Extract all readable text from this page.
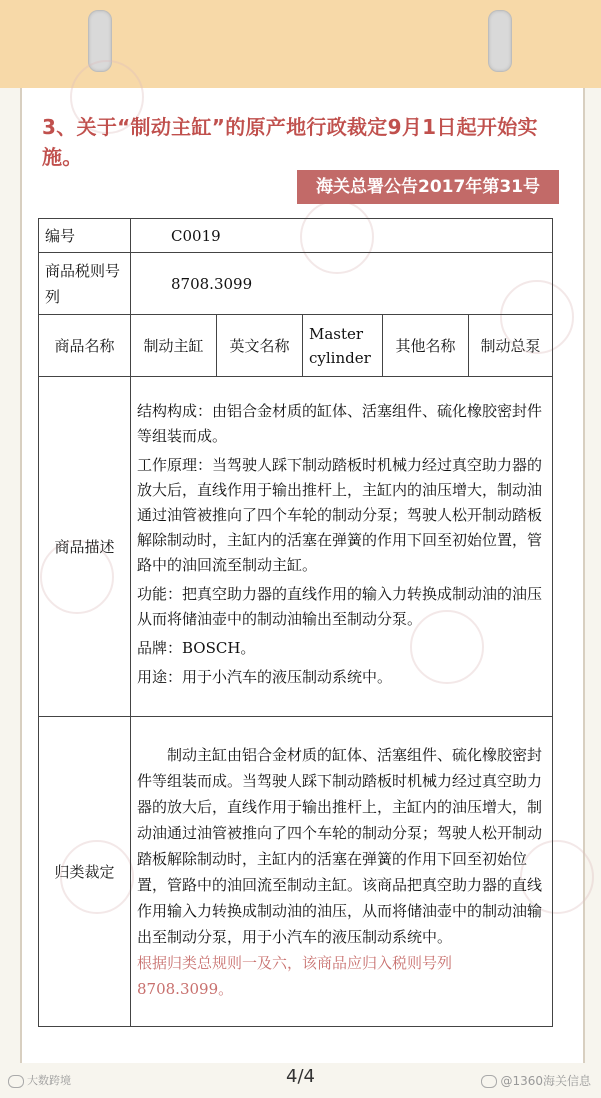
3、关于“制动主缸”的原产地行政裁定9月1日起开始实施。
海关总署公告2017年第31号
编号	C0019				
商品税则号列	8708.3099				
商品名称	制动主缸	英文名称	Master cylinder	其他名称	制动总泵
商品描述	结构构成：由铝合金材质的缸体、活塞组件、硫化橡胶密封件等组装而成。

工作原理：当驾驶人踩下制动踏板时机械力经过真空助力器的放大后，直线作用于输出推杆上，主缸内的油压增大，制动油通过油管被推向了四个车轮的制动分泵；驾驶人松开制动踏板解除制动时，主缸内的活塞在弹簧的作用下回至初始位置，管路中的油回流至制动主缸。

功能：把真空助力器的直线作用的输入力转换成制动油的油压 从而将储油壶中的制动油输出至制动分泵。

品牌：BOSCH。

用途：用于小汽车的液压制动系统中。				

归类裁定	制动主缸由铝合金材质的缸体、活塞组件、硫化橡胶密封件等组装而成。当驾驶人踩下制动踏板时机械力经过真空助力器的放大后，直线作用于输出推杆上，主缸内的油压增大，制动油通过油管被推向了四个车轮的制动分泵；驾驶人松开制动踏板解除制动时，主缸内的活塞在弹簧的作用下回至初始位置，管路中的油回流至制动主缸。该商品把真空助力器的直线作用输入力转换成制动油的油压，从而将储油壶中的制动油输出至制动分泵，用于小汽车的液压制动系统中。

根据归类总规则一及六，该商品应归入税则号列8708.3099。				

大数跨境	4/4	@1360海关信息
